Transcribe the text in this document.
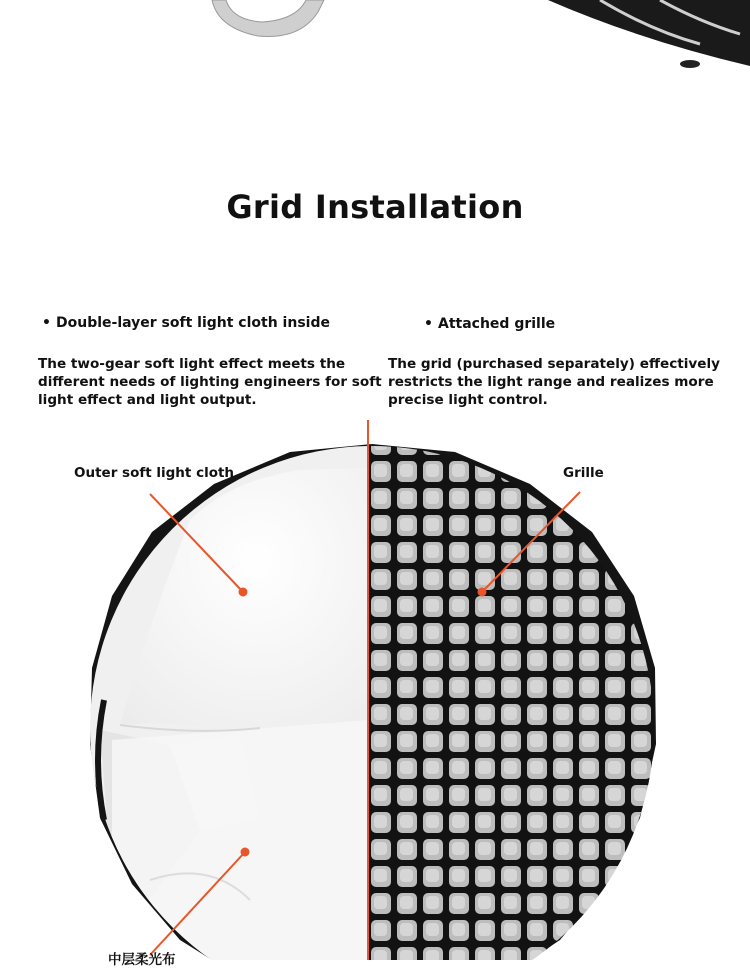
Grid Installation
• Double-layer soft light cloth inside
The two-gear soft light effect meets the
different needs of lighting engineers for soft
light effect and light output.
• Attached grille
The grid (purchased separately) effectively
restricts the light range and realizes more
precise light control.
Outer soft light cloth	Grille
中层柔光布
